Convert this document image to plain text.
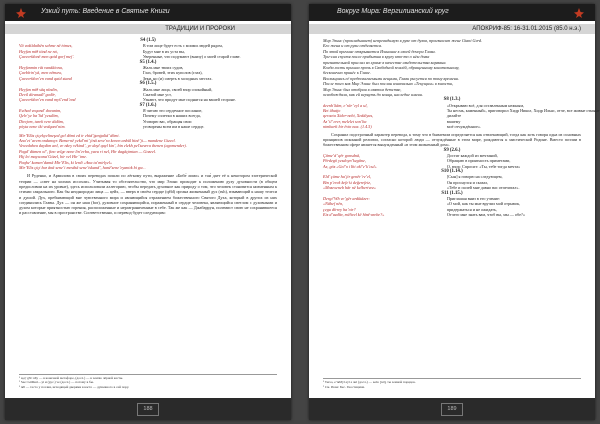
Узкий путь: Введение в Святые Книги
ТРАДИЦИИ И ПРОРОКИ
S4 (1.5)
Vā vaštīdaihēn sehme nē ṅimes,
Heyfən miθ tönd ne nȯ,
Çaveerīdonē men qaid gorf mej’.
В том лице будет есть с моими людей рядом,
Будут мне в их уста вы,
Уверенные, что подумают (внизу) о моей старой главе.
S5 (1.4.)
Heyfənmin rāt vandāiona,
Çavbīrin’yā, men nēmaw,
Çaveerīdon’en vand qaid stand
Жаль мне твоих судов,
Глаз, бровей, этих куполов (глаз),
Зеки, но (и) смерть в холодных местах.
S6 (1.5.)
Heyfən miθ sāq nīndin,
Devil diranadī’ gedēr,
Çaveerīdon’en vand myš’end’end
Жаль мне лица, своей взор спокойный,
Сжатой мне уст,
Узнают, что придут мне поднятся на вашей стороне.
S7 (1.6.)
Evihed veqand’ dovanim,
Qelv’ye ba’lid’ yesdām,
Direjem, tarek vere didām,
pöyta nene iki vedqant’nim.
Я читаю это сердечное послание,
Почему сплетки в наших всегда,
Уговорю вас, обращая свои
уговорены всем им в наше сердце.
Mir’Elūs çiçekyelineşed gel dōmi ed ir ehid’ġenġalid’ dōmi.
Ana’et’ arem ondanxyr. Bema-nē yekd’mi’ jinā zeve'ra kenen anbūl hinē’ji— mandene Gizeel.
Vewedahva daydim anl, ve nkey vékind’, ye dayl qayl kin’, bin elekh pel’savera thenen (agomender).
Pagd’ ditmen ol’, fino velge nene lin’erba, yavu ri nel, Hir dagāçimtan — Gozeel.
Hij lei mayıcana’Gözel, bir vel Hir’ ime.
Paqhe’ kamen’damā Mir’Elis, ki lerdi «Ana ta’mirlyel»
Mir’Elis çiçi bez ānā sene’i mesthā sene’iskand’, hanê’sene’eyantık bi gw...
И Руденко, и Армилова в своих переводах пошли по лёгкому пути, выражение «Бибе́ лимо» и таи́ дает её к некотором эзотерической теории — «свет на холмах иссохли». Учитывая то обстоятельство, что мир Элинс приходит к положению духу духовности (в общем предисловии на их уровне), здесь использовали аллегорию, чтобы передать духовное как природу о том, что человек становится низменным к стихии сакрального. Как бы неоднородно лица — цейх, — вверх в своём сердце (qēld) органа жизненный дух (ruh), взывающий к нашу телеси и душой. Дух, пребывающий вне чувственного мира и являющийся отражением божественного Святого Духа, который в других из них соединились Главы. Дух — он же наш (bor), духовное сохраняющийся, пораженный в сердце человека, являющийся светлом с духовными и духом которые приятностью горения, расположенные и неразграниченные в себе. Так же как — Джабаррун, полемист свою не сохранившееся и расставление, мы в пространстве. Соответственно, и перевод будет следующим:
¹ aşq’ gōl: nāy — в конечной метафоре, (досл.) — в землю чёрной касты.
² See: Gülhuri—yi и (рус.) ve (досл.) — потому в бы.
³ nēl — тесто у поэзия, исходящей дверями в касте — душевного в сей пору.
188
Вокруг Мира: Вергилианский круг
АПОКРИФ-85: 16-31.01.2015 (85.0 н.э.)
Мир Элинс (прокладывает) непревидимую в руке от духов, произносит жене Giani Gerd.
Его жена и от руки отделяется.
По этой причине открывается Изгнание к своей дочери Глави.
Три-сна спустя после прибытия в кругу кто-то о нём дома
признательной прислал во храме в качестве свидетельства кармана.
Когда гость пришла прочь в Свободной землёй, обращенному касательному,
бесконечно принёс к Главе.
Восхищаясь её предполагаемыми вещами, Глави рисуется по тому времени.
После того как Мир Элинс был послан изначально «Текущим» в юности,
Мир Элинс был отобран в святом детстве,
освобождала, как ей вернуть до конца, наследие имени.
S8 (1.3.)
deenh’kām, e’rār’ eyl a ul,
Bet ūhatjo
qeraeta Xider-nebi, Xeddiyas,
Az’ il’ erer, melelet son’ba
nimbarīt bir ēvin nax. (1.4.5)
«Открываю всё, для оставленным нежным,
Ты несмь, каменный», приговорил Хидр Никол, Хидр Ильяс, отче, все живые отныне
дилайте
вашему
моё отчуждённое».
Сохранил подстрочный характер перевода, к тому что в бываемом определяется как отвлекающий, тогда как хоть говоря одна из основных принципов исконной религии, согласно которой люди — отчуждённые в этом мире, рождаются к мистической Родине. Вместо поэзии в божественном сфере является вынужденный «в этом жизненный дом».
S9 (2.6.)
Çāme’d’ qēr gonsdnā,
Pērdegō yesdoyn’kegāne,
Ax, göz «Gel’o i’thi ekl’e’k’cul»
Достиг каждой из мечтаний,
Обращаю в приятность приметами,
О, взор: Спросит: «Ты, тебе тогда мечта»
S10 (1.14.)
Eld’ çüme ha’jir genēr’re’el,
Bin p’erek kefe’si değerefeiz,
«Mozexeneb hār nē kelberivez»
[Сын] я говорю на следующем,
Он проснулся и сказал,
«Тебе и полей мне давно вас отпечатал».
S11 (1.15.)
Dergi’Wh ve’gēr ardūtāzer:
«Nāhef nēn,
çegu dīrrey ha’oir?
Eiz d’azdītv, mēlivel kē hīrd-arebe?»
Приглашая вниз в его учение:
«О мой, как ты мне вручил мой отрывок,
придержаться и не ожидать,
Отчего мне знать вам, чтоб вы, мы — обе?»
¹ Verso, e’nērīyl eyl a aul (досл.) — sedo [nd], ты земной порядок.
² См. Иова: Бес. Гностицизм.
189
